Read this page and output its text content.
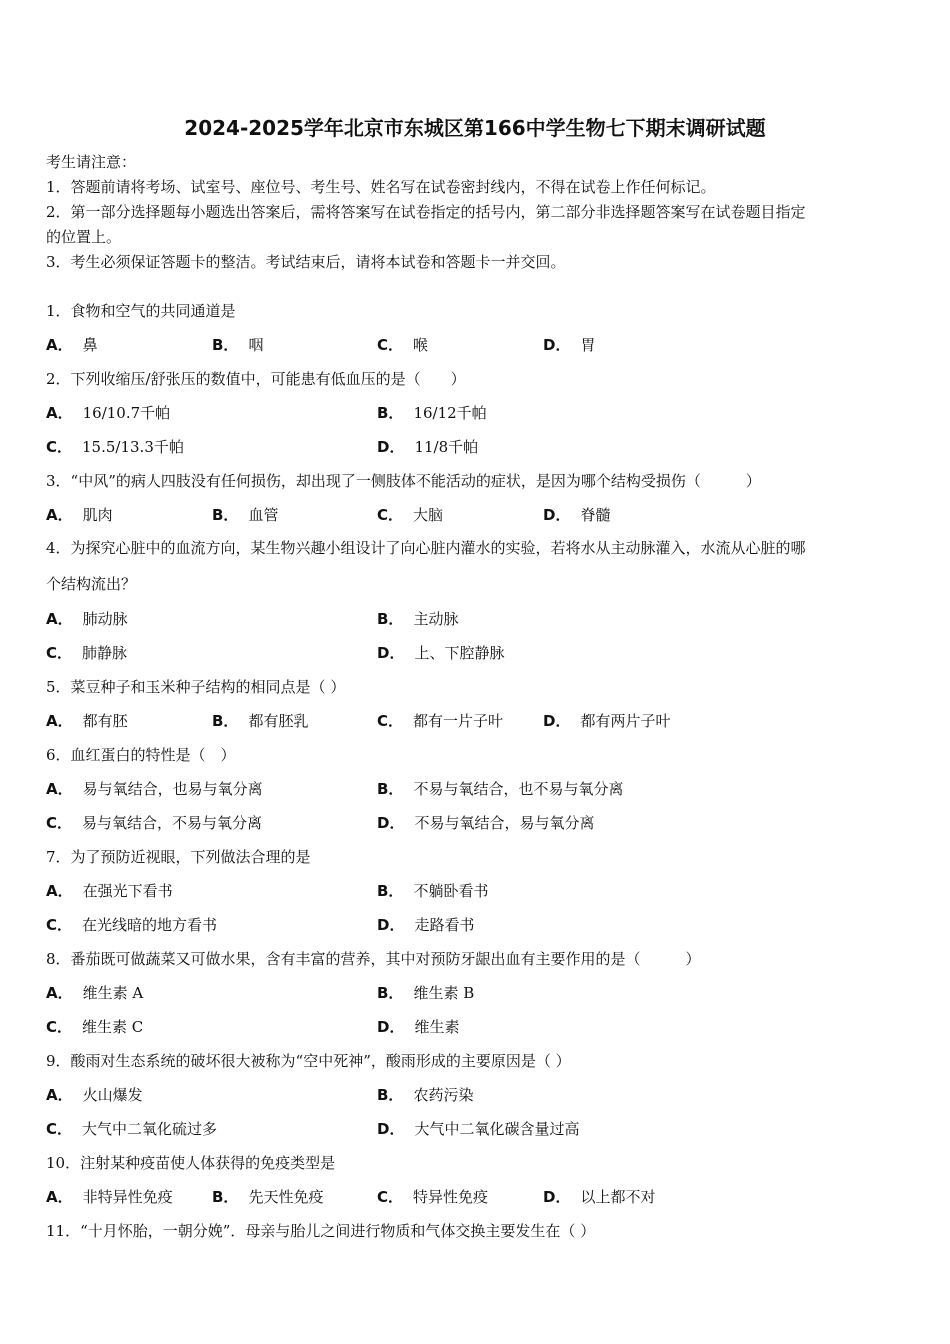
2024-2025学年北京市东城区第166中学生物七下期末调研试题
考生请注意：
1．答题前请将考场、试室号、座位号、考生号、姓名写在试卷密封线内，不得在试卷上作任何标记。
2．第一部分选择题每小题选出答案后，需将答案写在试卷指定的括号内，第二部分非选择题答案写在试卷题目指定
的位置上。
3．考生必须保证答题卡的整洁。考试结束后，请将本试卷和答题卡一并交回。
1．食物和空气的共同通道是
A． 鼻	B． 咽	C． 喉	D． 胃
2．下列收缩压/舒张压的数值中，可能患有低血压的是（　　）
A． 16/10.7千帕	B． 16/12千帕
C． 15.5/13.3千帕	D． 11/8千帕
3．“中风”的病人四肢没有任何损伤，却出现了一侧肢体不能活动的症状，是因为哪个结构受损伤（　　　）
A． 肌肉	B． 血管	C． 大脑	D． 脊髓
4．为探究心脏中的血流方向，某生物兴趣小组设计了向心脏内灌水的实验，若将水从主动脉灌入，水流从心脏的哪
个结构流出？
A． 肺动脉	B． 主动脉
C． 肺静脉	D． 上、下腔静脉
5．菜豆种子和玉米种子结构的相同点是（ ）
A． 都有胚	B． 都有胚乳	C． 都有一片子叶	D． 都有两片子叶
6．血红蛋白的特性是（　）
A． 易与氧结合，也易与氧分离	B． 不易与氧结合，也不易与氧分离
C． 易与氧结合，不易与氧分离	D． 不易与氧结合，易与氧分离
7．为了预防近视眼，下列做法合理的是
A． 在强光下看书	B． 不躺卧看书
C． 在光线暗的地方看书	D． 走路看书
8．番茄既可做蔬菜又可做水果，含有丰富的营养，其中对预防牙龈出血有主要作用的是（　　　）
A． 维生素 A	B． 维生素 B
C． 维生素 C	D． 维生素
9．酸雨对生态系统的破坏很大被称为“空中死神”，酸雨形成的主要原因是（ ）
A． 火山爆发	B． 农药污染
C． 大气中二氧化硫过多	D． 大气中二氧化碳含量过高
10．注射某种疫苗使人体获得的免疫类型是
A． 非特异性免疫	B． 先天性免疫	C． 特异性免疫	D． 以上都不对
11．“十月怀胎，一朝分娩”．母亲与胎儿之间进行物质和气体交换主要发生在（ ）
